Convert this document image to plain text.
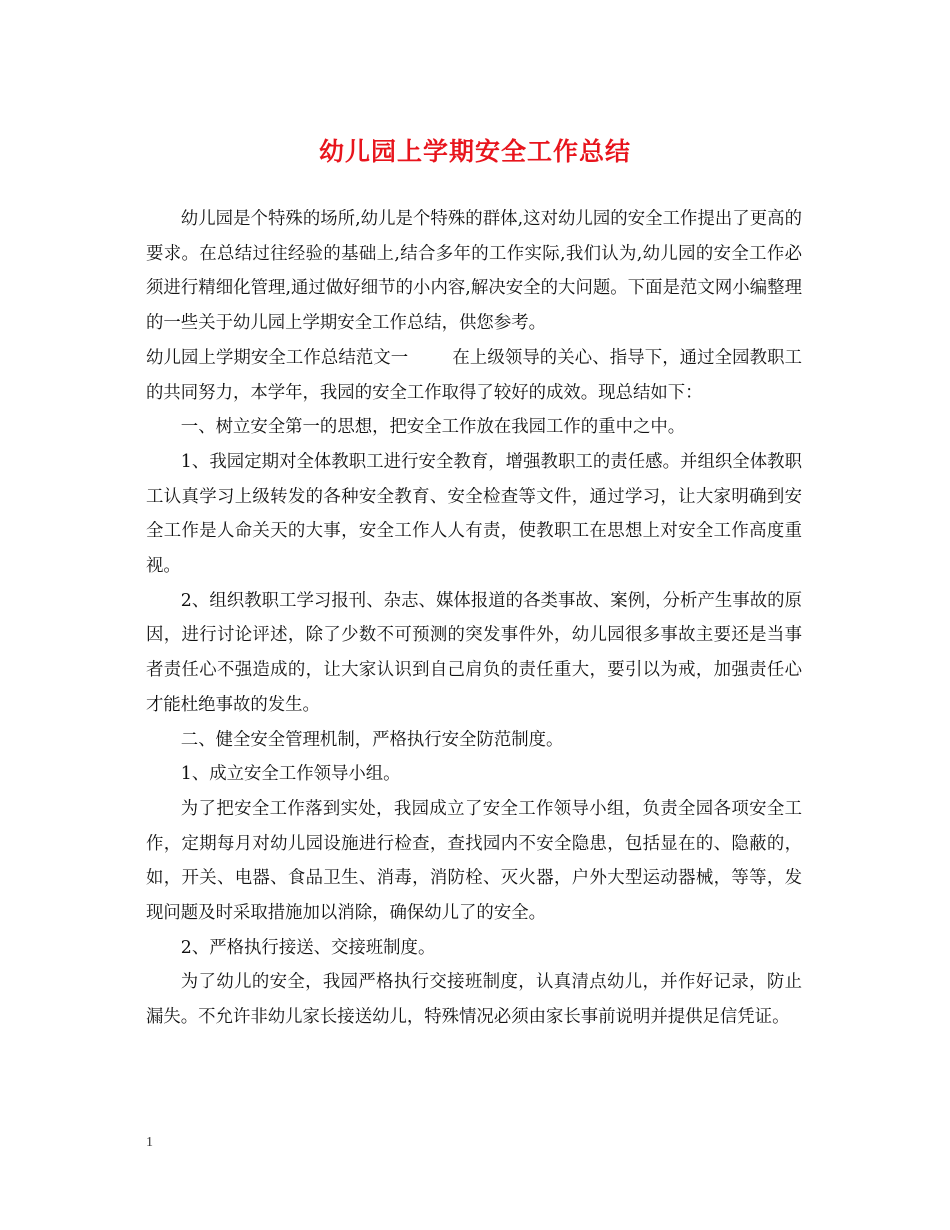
幼儿园上学期安全工作总结

幼儿园是个特殊的场所,幼儿是个特殊的群体,这对幼儿园的安全工作提出了更高的要求。在总结过往经验的基础上,结合多年的工作实际,我们认为,幼儿园的安全工作必须进行精细化管理,通过做好细节的小内容,解决安全的大问题。下面是范文网小编整理的一些关于幼儿园上学期安全工作总结，供您参考。

幼儿园上学期安全工作总结范文一	在上级领导的关心、指导下，通过全园教职工的共同努力，本学年，我园的安全工作取得了较好的成效。现总结如下：

一、树立安全第一的思想，把安全工作放在我园工作的重中之中。

1、我园定期对全体教职工进行安全教育，增强教职工的责任感。并组织全体教职工认真学习上级转发的各种安全教育、安全检查等文件，通过学习，让大家明确到安全工作是人命关天的大事，安全工作人人有责，使教职工在思想上对安全工作高度重视。

2、组织教职工学习报刊、杂志、媒体报道的各类事故、案例，分析产生事故的原因，进行讨论评述，除了少数不可预测的突发事件外，幼儿园很多事故主要还是当事者责任心不强造成的，让大家认识到自己肩负的责任重大，要引以为戒，加强责任心才能杜绝事故的发生。

二、健全安全管理机制，严格执行安全防范制度。

1、成立安全工作领导小组。

为了把安全工作落到实处，我园成立了安全工作领导小组，负责全园各项安全工作，定期每月对幼儿园设施进行检查，查找园内不安全隐患，包括显在的、隐蔽的，如，开关、电器、食品卫生、消毒，消防栓、灭火器，户外大型运动器械，等等，发现问题及时采取措施加以消除，确保幼儿了的安全。

2、严格执行接送、交接班制度。

为了幼儿的安全，我园严格执行交接班制度，认真清点幼儿，并作好记录，防止漏失。不允许非幼儿家长接送幼儿，特殊情况必须由家长事前说明并提供足信凭证。

1
